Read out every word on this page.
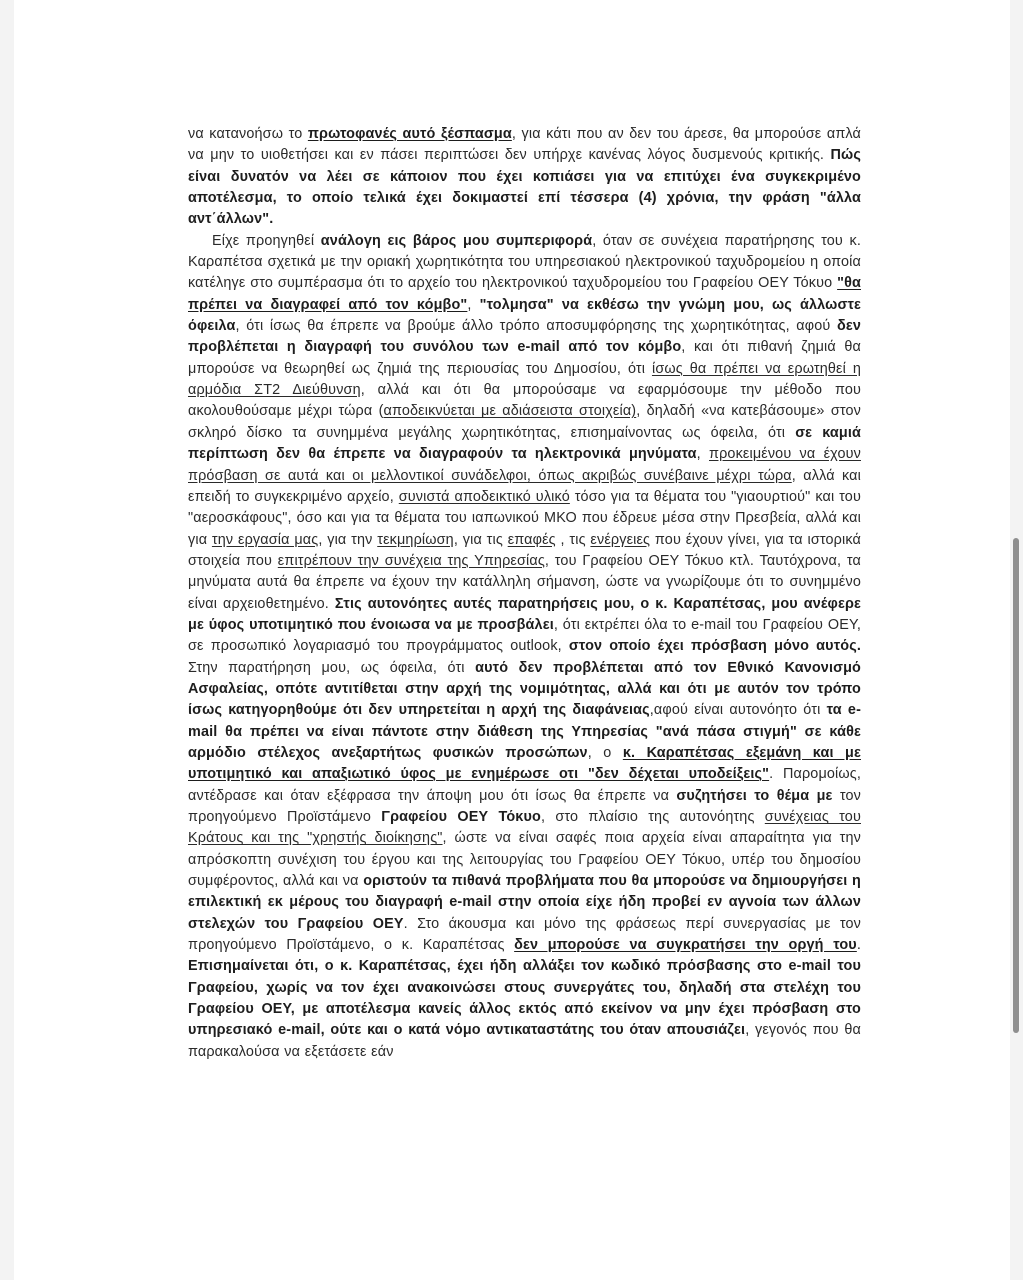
να κατανοήσω το πρωτοφανές αυτό ξέσπασμα, για κάτι που αν δεν του άρεσε, θα μπορούσε απλά να μην το υιοθετήσει και εν πάσει περιπτώσει δεν υπήρχε κανένας λόγος δυσμενούς κριτικής. Πώς είναι δυνατόν να λέει σε κάποιον που έχει κοπιάσει για να επιτύχει ένα συγκεκριμένο αποτέλεσμα, το οποίο τελικά έχει δοκιμαστεί επί τέσσερα (4) χρόνια, την φράση "άλλα αντ΄άλλων".

Είχε προηγηθεί ανάλογη εις βάρος μου συμπεριφορά, όταν σε συνέχεια παρατήρησης του κ. Καραπέτσα σχετικά με την οριακή χωρητικότητα του υπηρεσιακού ηλεκτρονικού ταχυδρομείου η οποία κατέληγε στο συμπέρασμα ότι το αρχείο του ηλεκτρονικού ταχυδρομείου του Γραφείου ΟΕΥ Τόκυο "θα πρέπει να διαγραφεί από τον κόμβο", "τολμησα" να εκθέσω την γνώμη μου, ως άλλωστε όφειλα, ότι ίσως θα έπρεπε να βρούμε άλλο τρόπο αποσυμφόρησης της χωρητικότητας, αφού δεν προβλέπεται η διαγραφή του συνόλου των e-mail από τον κόμβο, και ότι πιθανή ζημιά θα μπορούσε να θεωρηθεί ως ζημιά της περιουσίας του Δημοσίου, ότι ίσως θα πρέπει να ερωτηθεί η αρμόδια ΣΤ2 Διεύθυνση, αλλά και ότι θα μπορούσαμε να εφαρμόσουμε την μέθοδο που ακολουθούσαμε μέχρι τώρα (αποδεικνύεται με αδιάσειστα στοιχεία), δηλαδή «να κατεβάσουμε» στον σκληρό δίσκο τα συνημμένα μεγάλης χωρητικότητας, επισημαίνοντας ως όφειλα, ότι σε καμιά περίπτωση δεν θα έπρεπε να διαγραφούν τα ηλεκτρονικά μηνύματα, προκειμένου να έχουν πρόσβαση σε αυτά και οι μελλοντικοί συνάδελφοι, όπως ακριβώς συνέβαινε μέχρι τώρα, αλλά και επειδή το συγκεκριμένο αρχείο, συνιστά αποδεικτικό υλικό τόσο για τα θέματα του "γιαουρτιού" και του "αεροσκάφους", όσο και για τα θέματα του ιαπωνικού ΜΚΟ που έδρευε μέσα στην Πρεσβεία, αλλά και για την εργασία μας, για την τεκμηρίωση, για τις επαφές , τις ενέργειες που έχουν γίνει, για τα ιστορικά στοιχεία που επιτρέπουν την συνέχεια της Υπηρεσίας, του Γραφείου ΟΕΥ Τόκυο κτλ. Ταυτόχρονα, τα μηνύματα αυτά θα έπρεπε να έχουν την κατάλληλη σήμανση, ώστε να γνωρίζουμε ότι το συνημμένο είναι αρχειοθετημένο. Στις αυτονόητες αυτές παρατηρήσεις μου, ο κ. Καραπέτσας, μου ανέφερε με ύφος υποτιμητικό που ένοιωσα να με προσβάλει, ότι εκτρέπει όλα το e-mail του Γραφείου ΟΕΥ, σε προσωπικό λογαριασμό του προγράμματος outlook, στον οποίο έχει πρόσβαση μόνο αυτός. Στην παρατήρηση μου, ως όφειλα, ότι αυτό δεν προβλέπεται από τον Εθνικό Κανονισμό Ασφαλείας, οπότε αντιτίθεται στην αρχή της νομιμότητας, αλλά και ότι με αυτόν τον τρόπο ίσως κατηγορηθούμε ότι δεν υπηρετείται η αρχή της διαφάνειας,αφού είναι αυτονόητο ότι τα e-mail θα πρέπει να είναι πάντοτε στην διάθεση της Υπηρεσίας "ανά πάσα στιγμή" σε κάθε αρμόδιο στέλεχος ανεξαρτήτως φυσικών προσώπων, ο κ. Καραπέτσας εξεμάνη και με υποτιμητικό και απαξιωτικό ύφος με ενημέρωσε οτι "δεν δέχεται υποδείξεις". Παρομοίως, αντέδρασε και όταν εξέφρασα την άποψη μου ότι ίσως θα έπρεπε να συζητήσει το θέμα με τον προηγούμενο Προϊστάμενο Γραφείου ΟΕΥ Τόκυο, στο πλαίσιο της αυτονόητης συνέχειας του Κράτους και της "χρηστής διοίκησης", ώστε να είναι σαφές ποια αρχεία είναι απαραίτητα για την απρόσκοπτη συνέχιση του έργου και της λειτουργίας του Γραφείου ΟΕΥ Τόκυο, υπέρ του δημοσίου συμφέροντος, αλλά και να οριστούν τα πιθανά προβλήματα που θα μπορούσε να δημιουργήσει η επιλεκτική εκ μέρους του διαγραφή e-mail στην οποία είχε ήδη προβεί εν αγνοία των άλλων στελεχών του Γραφείου ΟΕΥ. Στο άκουσμα και μόνο της φράσεως περί συνεργασίας με τον προηγούμενο Προϊστάμενο, ο κ. Καραπέτσας δεν μπορούσε να συγκρατήσει την οργή του. Επισημαίνεται ότι, ο κ. Καραπέτσας, έχει ήδη αλλάξει τον κωδικό πρόσβασης στο e-mail του Γραφείου, χωρίς να τον έχει ανακοινώσει στους συνεργάτες του, δηλαδή στα στελέχη του Γραφείου ΟΕΥ, με αποτέλεσμα κανείς άλλος εκτός από εκείνον να μην έχει πρόσβαση στο υπηρεσιακό e-mail, ούτε και ο κατά νόμο αντικαταστάτης του όταν απουσιάζει, γεγονός που θα παρακαλούσα να εξετάσετε εάν
